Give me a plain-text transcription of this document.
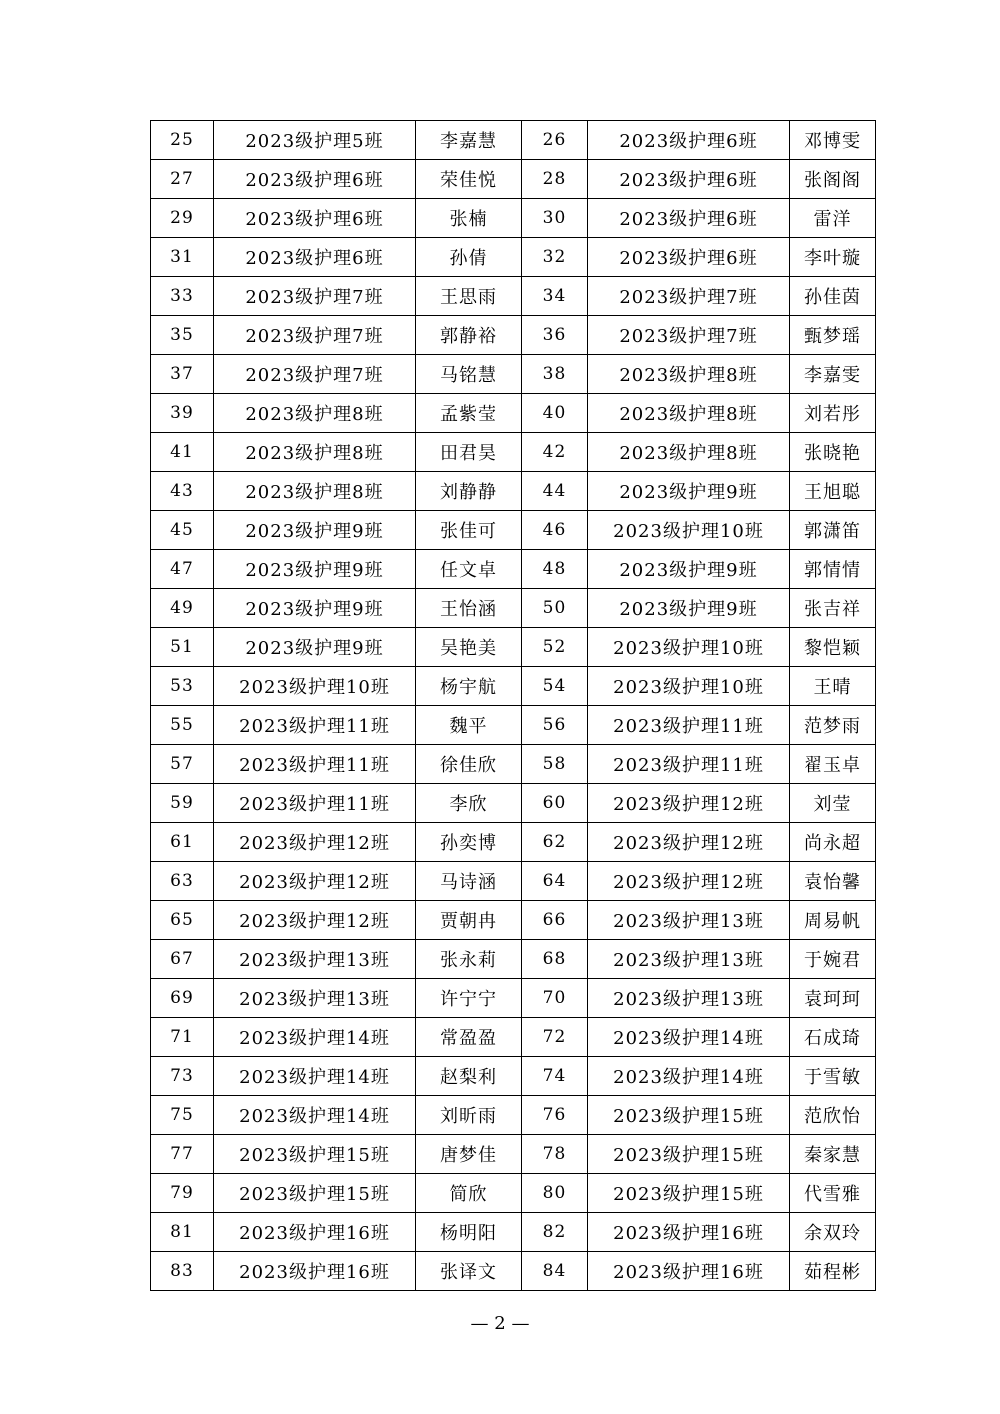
25	2023级护理5班	李嘉慧	26	2023级护理6班	邓博雯
27	2023级护理6班	荣佳悦	28	2023级护理6班	张阁阁
29	2023级护理6班	张楠	30	2023级护理6班	雷洋
31	2023级护理6班	孙倩	32	2023级护理6班	李叶璇
33	2023级护理7班	王思雨	34	2023级护理7班	孙佳茵
35	2023级护理7班	郭静裕	36	2023级护理7班	甄梦瑶
37	2023级护理7班	马铭慧	38	2023级护理8班	李嘉雯
39	2023级护理8班	孟紫莹	40	2023级护理8班	刘若彤
41	2023级护理8班	田君昊	42	2023级护理8班	张晓艳
43	2023级护理8班	刘静静	44	2023级护理9班	王旭聪
45	2023级护理9班	张佳可	46	2023级护理10班	郭潇笛
47	2023级护理9班	任文卓	48	2023级护理9班	郭情情
49	2023级护理9班	王怡涵	50	2023级护理9班	张吉祥
51	2023级护理9班	吴艳美	52	2023级护理10班	黎恺颖
53	2023级护理10班	杨宇航	54	2023级护理10班	王晴
55	2023级护理11班	魏平	56	2023级护理11班	范梦雨
57	2023级护理11班	徐佳欣	58	2023级护理11班	翟玉卓
59	2023级护理11班	李欣	60	2023级护理12班	刘莹
61	2023级护理12班	孙奕博	62	2023级护理12班	尚永超
63	2023级护理12班	马诗涵	64	2023级护理12班	袁怡馨
65	2023级护理12班	贾朝冉	66	2023级护理13班	周易帆
67	2023级护理13班	张永莉	68	2023级护理13班	于婉君
69	2023级护理13班	许宁宁	70	2023级护理13班	袁珂珂
71	2023级护理14班	常盈盈	72	2023级护理14班	石成琦
73	2023级护理14班	赵梨利	74	2023级护理14班	于雪敏
75	2023级护理14班	刘昕雨	76	2023级护理15班	范欣怡
77	2023级护理15班	唐梦佳	78	2023级护理15班	秦家慧
79	2023级护理15班	简欣	80	2023级护理15班	代雪雅
81	2023级护理16班	杨明阳	82	2023级护理16班	余双玲
83	2023级护理16班	张译文	84	2023级护理16班	茹程彬
— 2 —
